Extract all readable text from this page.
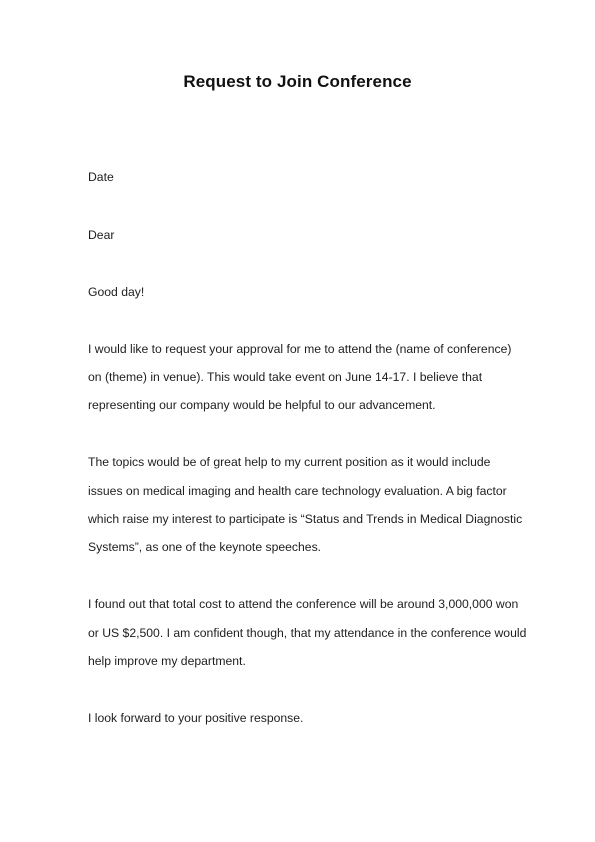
Request to Join Conference
Date
Dear
Good day!
I would like to request your approval for me to attend the (name of conference)
on (theme) in venue). This would take event on June 14-17. I believe that
representing our company would be helpful to our advancement.
The topics would be of great help to my current position as it would include
issues on medical imaging and health care technology evaluation. A big factor
which raise my interest to participate is “Status and Trends in Medical Diagnostic
Systems”, as one of the keynote speeches.
I found out that total cost to attend the conference will be around 3,000,000 won
or US $2,500. I am confident though, that my attendance in the conference would
help improve my department.
I look forward to your positive response.
